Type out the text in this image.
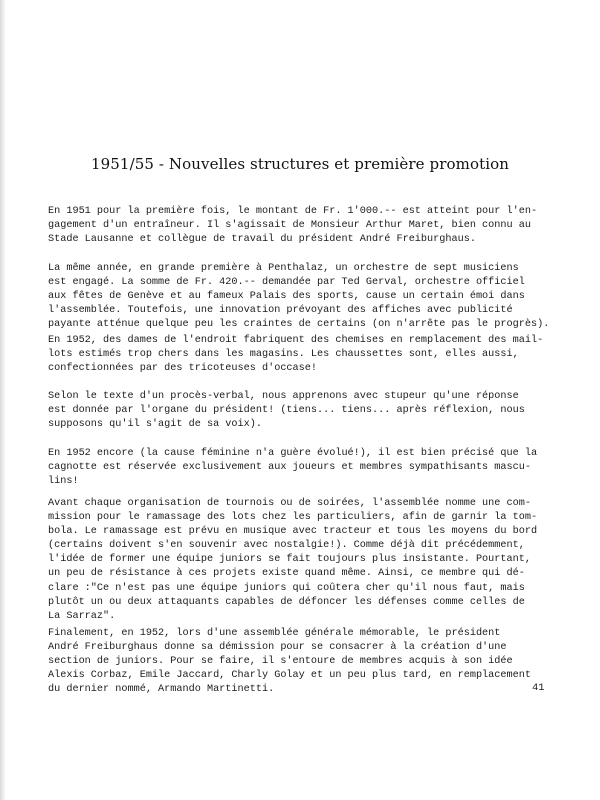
1951/55 - Nouvelles structures et première promotion
En 1951 pour la première fois, le montant de Fr. 1'000.-- est atteint pour l'en-
gagement d'un entraîneur. Il s'agissait de Monsieur Arthur Maret, bien connu au
Stade Lausanne et collègue de travail du président André Freiburghaus.
La même année, en grande première à Penthalaz, un orchestre de sept musiciens
est engagé. La somme de Fr. 420.-- demandée par Ted Gerval, orchestre officiel
aux fêtes de Genève et au fameux Palais des sports, cause un certain émoi dans
l'assemblée. Toutefois, une innovation prévoyant des affiches avec publicité
payante atténue quelque peu les craintes de certains (on n'arrête pas le progrès).
En 1952, des dames de l'endroit fabriquent des chemises en remplacement des mail-
lots estimés trop chers dans les magasins. Les chaussettes sont, elles aussi,
confectionnées par des tricoteuses d'occase!
Selon le texte d'un procès-verbal, nous apprenons avec stupeur qu'une réponse
est donnée par l'organe du président! (tiens... tiens... après réflexion, nous
supposons qu'il s'agit de sa voix).
En 1952 encore (la cause féminine n'a guère évolué!), il est bien précisé que la
cagnotte est réservée exclusivement aux joueurs et membres sympathisants mascu-
lins!
Avant chaque organisation de tournois ou de soirées, l'assemblée nomme une com-
mission pour le ramassage des lots chez les particuliers, afin de garnir la tom-
bola. Le ramassage est prévu en musique avec tracteur et tous les moyens du bord
(certains doivent s'en souvenir avec nostalgie!). Comme déjà dit précédemment,
l'idée de former une équipe juniors se fait toujours plus insistante. Pourtant,
un peu de résistance à ces projets existe quand même. Ainsi, ce membre qui dé-
clare :"Ce n'est pas une équipe juniors qui coûtera cher qu'il nous faut, mais
plutôt un ou deux attaquants capables de défoncer les défenses comme celles de
La Sarraz".
Finalement, en 1952, lors d'une assemblée générale mémorable, le président
André Freiburghaus donne sa démission pour se consacrer à la création d'une
section de juniors. Pour se faire, il s'entoure de membres acquis à son idée
Alexis Corbaz, Emile Jaccard, Charly Golay et un peu plus tard, en remplacement
du dernier nommé, Armando Martinetti.	41
